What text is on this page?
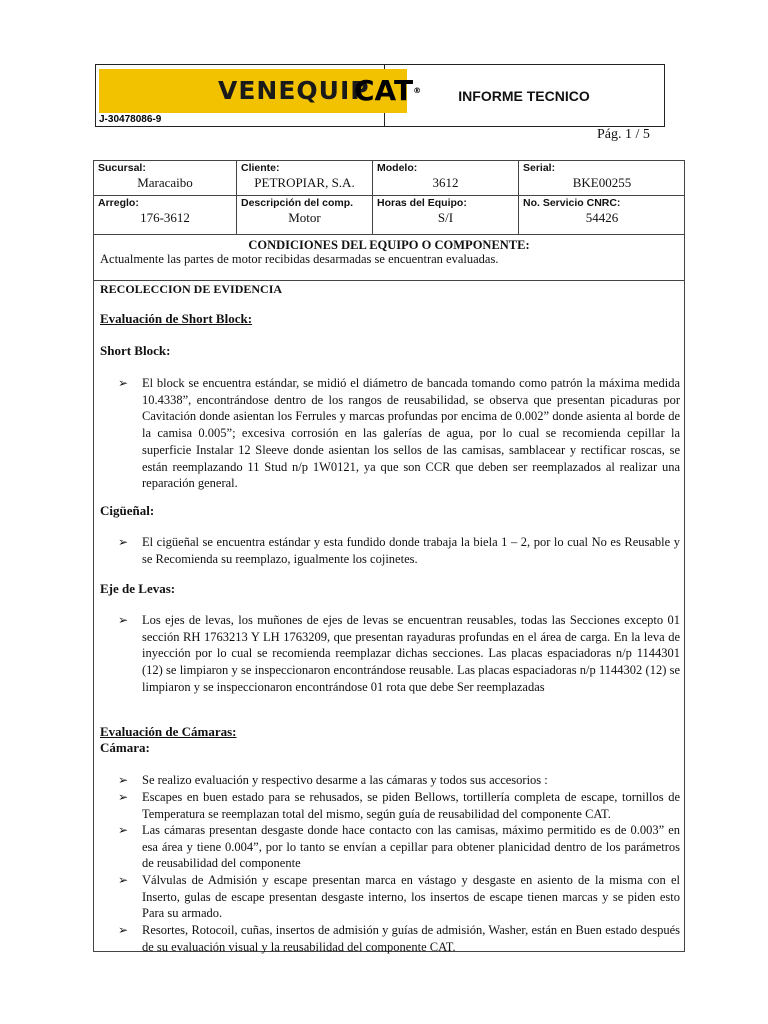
VENEQUIP
CAT®
J-30478086-9
INFORME TECNICO
Pág. 1 / 5
Sucursal:
Maracaibo
Cliente:
PETROPIAR, S.A.
Modelo:
3612
Serial:
BKE00255
Arreglo:
176-3612
Descripción del comp.
Motor
Horas del Equipo:
S/I
No. Servicio CNRC:
54426
CONDICIONES DEL EQUIPO O COMPONENTE:
Actualmente las partes de motor recibidas desarmadas se encuentran evaluadas.
RECOLECCION DE EVIDENCIA
Evaluación de Short Block:
Short Block:
➢ El block se encuentra estándar, se midió el diámetro de bancada tomando como patrón la máxima medida 10.4338”, encontrándose dentro de los rangos de reusabilidad, se observa que presentan picaduras por Cavitación donde asientan los Ferrules y marcas profundas por encima de 0.002” donde asienta al borde de la camisa 0.005”; excesiva corrosión en las galerías de agua, por lo cual se recomienda cepillar la superficie Instalar 12 Sleeve donde asientan los sellos de las camisas, samblacear y rectificar roscas, se están reemplazando 11 Stud n/p 1W0121, ya que son CCR que deben ser reemplazados al realizar una reparación general.
Cigüeñal:
➢ El cigüeñal se encuentra estándar y esta fundido donde trabaja la biela 1 – 2, por lo cual No es Reusable y se Recomienda su reemplazo, igualmente los cojinetes.
Eje de Levas:
➢ Los ejes de levas, los muñones de ejes de levas se encuentran reusables, todas las Secciones excepto 01 sección RH 1763213 Y LH 1763209, que presentan rayaduras profundas en el área de carga. En la leva de inyección por lo cual se recomienda reemplazar dichas secciones. Las placas espaciadoras n/p 1144301 (12) se limpiaron y se inspeccionaron encontrándose reusable. Las placas espaciadoras n/p 1144302 (12) se limpiaron y se inspeccionaron encontrándose 01 rota que debe Ser reemplazadas
Evaluación de Cámaras:
Cámara:
➢ Se realizo evaluación y respectivo desarme a las cámaras y todos sus accesorios :
➢ Escapes en buen estado para se rehusados, se piden Bellows, tortillería completa de escape, tornillos de Temperatura se reemplazan total del mismo, según guía de reusabilidad del componente CAT.
➢ Las cámaras presentan desgaste donde hace contacto con las camisas, máximo permitido es de 0.003” en esa área y tiene 0.004”, por lo tanto se envían a cepillar para obtener planicidad dentro de los parámetros de reusabilidad del componente
➢ Válvulas de Admisión y escape presentan marca en vástago y desgaste en asiento de la misma con el Inserto, gulas de escape presentan desgaste interno, los insertos de escape tienen marcas y se piden esto Para su armado.
➢ Resortes, Rotocoil, cuñas, insertos de admisión y guías de admisión, Washer, están en Buen estado después de su evaluación visual y la reusabilidad del componente CAT.
